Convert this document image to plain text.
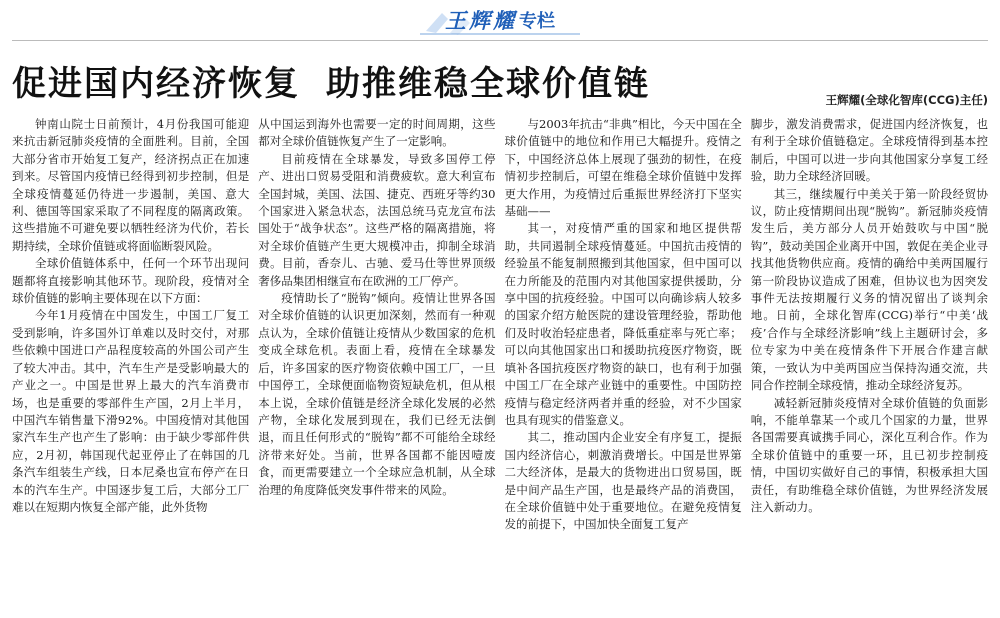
王辉耀 专栏
促进国内经济恢复 助推维稳全球价值链	王辉耀(全球化智库(CCG)主任)

钟南山院士日前预计，4月份我国可能迎来抗击新冠肺炎疫情的全面胜利。目前，全国大部分省市开始复工复产，经济拐点正在加速到来。尽管国内疫情已经得到初步控制，但是全球疫情蔓延仍待进一步遏制，美国、意大利、德国等国家采取了不同程度的隔离政策。这些措施不可避免要以牺牲经济为代价，若长期持续，全球价值链或将面临断裂风险。

全球价值链体系中，任何一个环节出现问题都将直接影响其他环节。现阶段，疫情对全球价值链的影响主要体现在以下方面：

今年1月疫情在中国发生，中国工厂复工受到影响，许多国外订单难以及时交付，对那些依赖中国进口产品程度较高的外国公司产生了较大冲击。其中，汽车生产是受影响最大的产业之一。中国是世界上最大的汽车消费市场，也是重要的零部件生产国，2月上半月，中国汽车销售量下滑92%。中国疫情对其他国家汽车生产也产生了影响：由于缺少零部件供应，2月初，韩国现代起亚停止了在韩国的几条汽车组装生产线，日本尼桑也宣布停产在日本的汽车生产。中国逐步复工后，大部分工厂难以在短期内恢复全部产能，此外货物

从中国运到海外也需要一定的时间周期，这些都对全球价值链恢复产生了一定影响。

目前疫情在全球暴发，导致多国停工停产、进出口贸易受阻和消费疲软。意大利宣布全国封城，美国、法国、捷克、西班牙等约30个国家进入紧急状态，法国总统马克龙宣布法国处于“战争状态”。这些严格的隔离措施，将对全球价值链产生更大规模冲击，抑制全球消费。目前，香奈儿、古驰、爱马仕等世界顶级奢侈品集团相继宣布在欧洲的工厂停产。

疫情助长了“脱钩”倾向。疫情让世界各国对全球价值链的认识更加深刻，然而有一种观点认为，全球价值链让疫情从少数国家的危机变成全球危机。表面上看，疫情在全球暴发后，许多国家的医疗物资依赖中国工厂，一旦中国停工，全球便面临物资短缺危机，但从根本上说，全球价值链是经济全球化发展的必然产物，全球化发展到现在，我们已经无法倒退，而且任何形式的“脱钩”都不可能给全球经济带来好处。当前，世界各国都不能因噎废食，而更需要建立一个全球应急机制，从全球治理的角度降低突发事件带来的风险。

与2003年抗击“非典”相比，今天中国在全球价值链中的地位和作用已大幅提升。疫情之下，中国经济总体上展现了强劲的韧性，在疫情初步控制后，可望在维稳全球价值链中发挥更大作用，为疫情过后重振世界经济打下坚实基础——

其一，对疫情严重的国家和地区提供帮助，共同遏制全球疫情蔓延。中国抗击疫情的经验虽不能复制照搬到其他国家，但中国可以在力所能及的范围内对其他国家提供援助，分享中国的抗疫经验。中国可以向确诊病人较多的国家介绍方舱医院的建设管理经验，帮助他们及时收治轻症患者，降低重症率与死亡率；可以向其他国家出口和援助抗疫医疗物资，既填补各国抗疫医疗物资的缺口，也有利于加强中国工厂在全球产业链中的重要性。中国防控疫情与稳定经济两者并重的经验，对不少国家也具有现实的借鉴意义。

其二，推动国内企业安全有序复工，提振国内经济信心，刺激消费增长。中国是世界第二大经济体，是最大的货物进出口贸易国，既是中间产品生产国，也是最终产品的消费国，在全球价值链中处于重要地位。在避免疫情复发的前提下，中国加快全面复工复产

脚步，激发消费需求，促进国内经济恢复，也有利于全球价值链稳定。全球疫情得到基本控制后，中国可以进一步向其他国家分享复工经验，助力全球经济回暖。

其三，继续履行中美关于第一阶段经贸协议，防止疫情期间出现“脱钩”。新冠肺炎疫情发生后，美方部分人员开始鼓吹与中国“脱钩”，鼓动美国企业离开中国，敦促在美企业寻找其他货物供应商。疫情的确给中美两国履行第一阶段协议造成了困难，但协议也为因突发事件无法按期履行义务的情况留出了谈判余地。日前，全球化智库(CCG)举行“中美‘战疫’合作与全球经济影响”线上主题研讨会，多位专家为中美在疫情条件下开展合作建言献策，一致认为中美两国应当保持沟通交流，共同合作控制全球疫情，推动全球经济复苏。

减轻新冠肺炎疫情对全球价值链的负面影响，不能单靠某一个或几个国家的力量，世界各国需要真诚携手同心，深化互利合作。作为全球价值链中的重要一环，且已初步控制疫情，中国切实做好自己的事情，积极承担大国责任，有助维稳全球价值链，为世界经济发展注入新动力。
